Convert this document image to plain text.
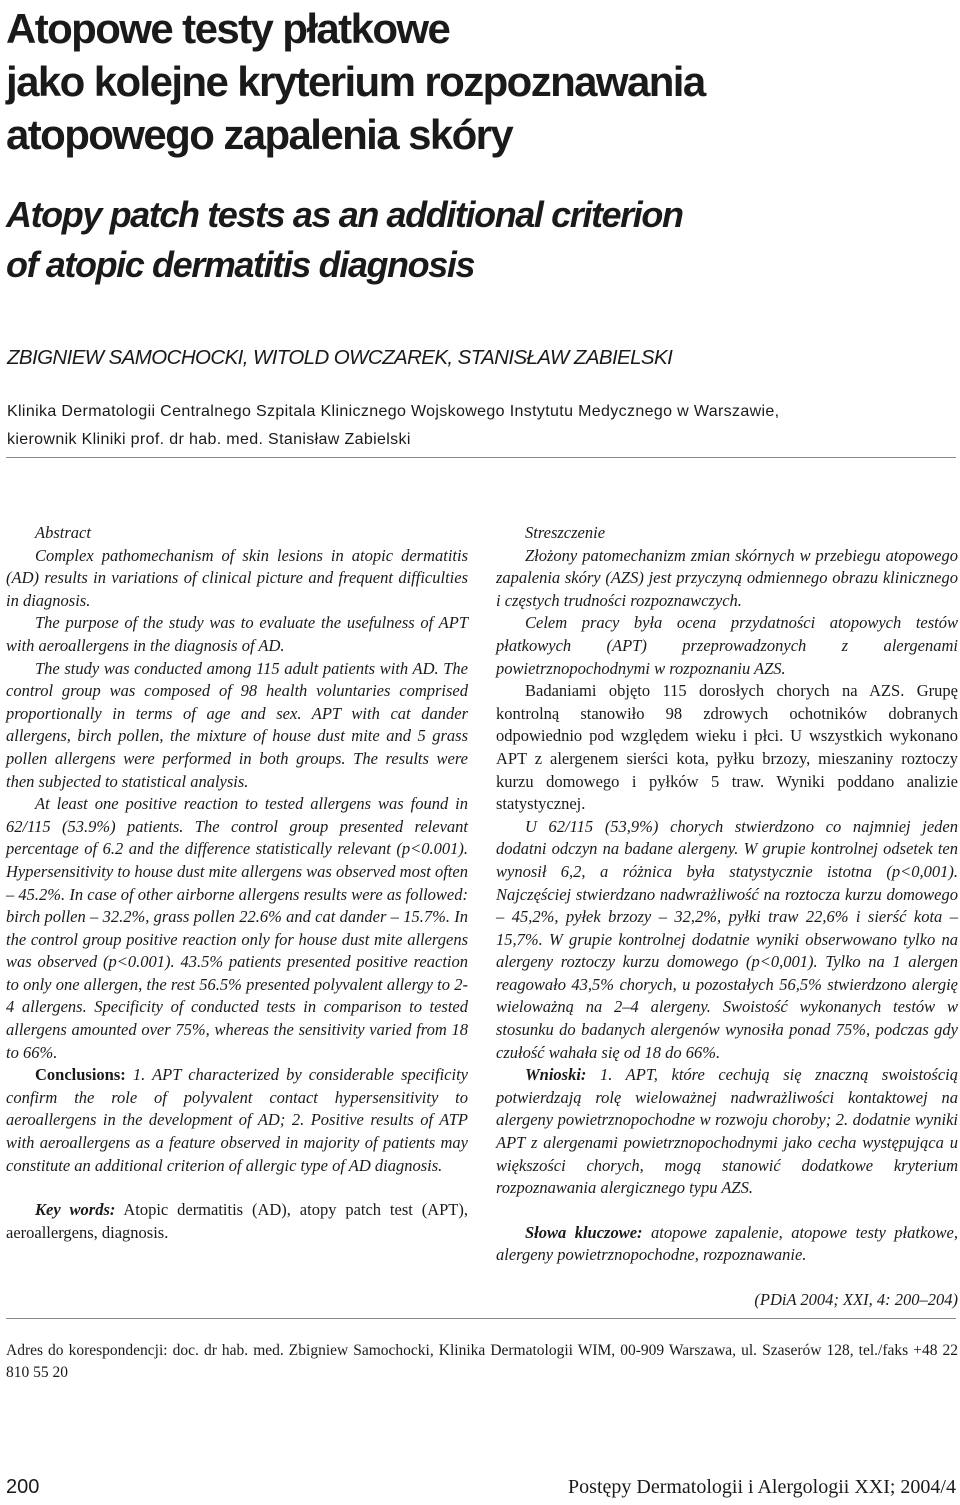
Atopowe testy płatkowe
jako kolejne kryterium rozpoznawania
atopowego zapalenia skóry
Atopy patch tests as an additional criterion
of atopic dermatitis diagnosis
ZBIGNIEW SAMOCHOCKI, WITOLD OWCZAREK, STANISŁAW ZABIELSKI
Klinika Dermatologii Centralnego Szpitala Klinicznego Wojskowego Instytutu Medycznego w Warszawie,
kierownik Kliniki prof. dr hab. med. Stanisław Zabielski

Abstract

Complex pathomechanism of skin lesions in atopic dermatitis (AD) results in variations of clinical picture and frequent difficulties in diagnosis.

The purpose of the study was to evaluate the usefulness of APT with aeroallergens in the diagnosis of AD.

The study was conducted among 115 adult patients with AD. The control group was composed of 98 health voluntaries comprised proportionally in terms of age and sex. APT with cat dander allergens, birch pollen, the mixture of house dust mite and 5 grass pollen allergens were performed in both groups. The results were then subjected to statistical analysis.

At least one positive reaction to tested allergens was found in 62/115 (53.9%) patients. The control group presented relevant percentage of 6.2 and the difference statistically relevant (p<0.001). Hypersensitivity to house dust mite allergens was observed most often – 45.2%. In case of other airborne allergens results were as followed: birch pollen – 32.2%, grass pollen 22.6% and cat dander – 15.7%. In the control group positive reaction only for house dust mite allergens was observed (p<0.001). 43.5% patients presented positive reaction to only one allergen, the rest 56.5% presented polyvalent allergy to 2-4 allergens. Specificity of conducted tests in comparison to tested allergens amounted over 75%, whereas the sensitivity varied from 18 to 66%.

Conclusions: 1. APT characterized by considerable specificity confirm the role of polyvalent contact hypersensitivity to aeroallergens in the development of AD; 2. Positive results of ATP with aeroallergens as a feature observed in majority of patients may constitute an additional criterion of allergic type of AD diagnosis.

Key words: Atopic dermatitis (AD), atopy patch test (APT), aeroallergens, diagnosis.

Streszczenie

Złożony patomechanizm zmian skórnych w przebiegu atopowego zapalenia skóry (AZS) jest przyczyną odmiennego obrazu klinicznego i częstych trudności rozpoznawczych.

Celem pracy była ocena przydatności atopowych testów płatkowych (APT) przeprowadzonych z alergenami powietrznopochodnymi w rozpoznaniu AZS.

Badaniami objęto 115 dorosłych chorych na AZS. Grupę kontrolną stanowiło 98 zdrowych ochotników dobranych odpowiednio pod względem wieku i płci. U wszystkich wykonano APT z alergenem sierści kota, pyłku brzozy, mieszaniny roztoczy kurzu domowego i pyłków 5 traw. Wyniki poddano analizie statystycznej.

U 62/115 (53,9%) chorych stwierdzono co najmniej jeden dodatni odczyn na badane alergeny. W grupie kontrolnej odsetek ten wynosił 6,2, a różnica była statystycznie istotna (p<0,001). Najczęściej stwierdzano nadwrażliwość na roztocza kurzu domowego – 45,2%, pyłek brzozy – 32,2%, pyłki traw 22,6% i sierść kota – 15,7%. W grupie kontrolnej dodatnie wyniki obserwowano tylko na alergeny roztoczy kurzu domowego (p<0,001). Tylko na 1 alergen reagowało 43,5% chorych, u pozostałych 56,5% stwierdzono alergię wieloważną na 2–4 alergeny. Swoistość wykonanych testów w stosunku do badanych alergenów wynosiła ponad 75%, podczas gdy czułość wahała się od 18 do 66%.

Wnioski: 1. APT, które cechują się znaczną swoistością potwierdzają rolę wieloważnej nadwrażliwości kontaktowej na alergeny powietrznopochodne w rozwoju choroby; 2. dodatnie wyniki APT z alergenami powietrznopochodnymi jako cecha występująca u większości chorych, mogą stanowić dodatkowe kryterium rozpoznawania alergicznego typu AZS.

Słowa kluczowe: atopowe zapalenie, atopowe testy płatkowe, alergeny powietrznopochodne, rozpoznawanie.

(PDiA 2004; XXI, 4: 200–204)

Adres do korespondencji: doc. dr hab. med. Zbigniew Samochocki, Klinika Dermatologii WIM, 00-909 Warszawa, ul. Szaserów 128, tel./faks +48 22 810 55 20
200	Postępy Dermatologii i Alergologii XXI; 2004/4
